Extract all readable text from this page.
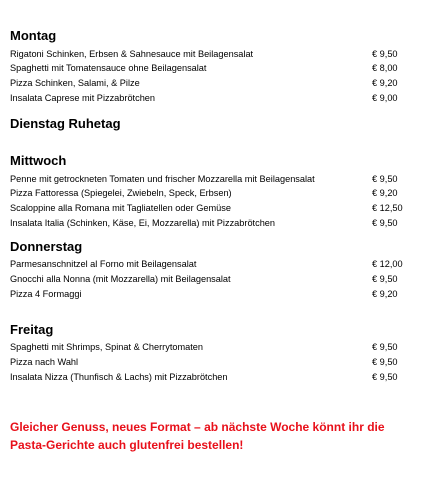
Montag
Rigatoni Schinken, Erbsen & Sahnesauce mit Beilagensalat	€ 9,50
Spaghetti mit Tomatensauce ohne Beilagensalat	€ 8,00
Pizza Schinken, Salami, & Pilze	€ 9,20
Insalata Caprese mit Pizzabrötchen	€ 9,00
Dienstag Ruhetag
Mittwoch
Penne mit getrockneten Tomaten und frischer Mozzarella mit Beilagensalat	€ 9,50
Pizza Fattoressa (Spiegelei, Zwiebeln, Speck, Erbsen)	€ 9,20
Scaloppine alla Romana mit Tagliatellen oder Gemüse	€ 12,50
Insalata Italia (Schinken, Käse, Ei, Mozzarella) mit Pizzabrötchen	€ 9,50
Donnerstag
Parmesanschnitzel al Forno mit Beilagensalat	€ 12,00
Gnocchi alla Nonna (mit Mozzarella) mit Beilagensalat	€ 9,50
Pizza 4 Formaggi	€ 9,20
Freitag
Spaghetti mit Shrimps, Spinat & Cherrytomaten	€ 9,50
Pizza nach Wahl	€ 9,50
Insalata Nizza (Thunfisch & Lachs) mit Pizzabrötchen	€ 9,50
Gleicher Genuss, neues Format – ab nächste Woche könnt ihr die Pasta-Gerichte auch glutenfrei bestellen!
